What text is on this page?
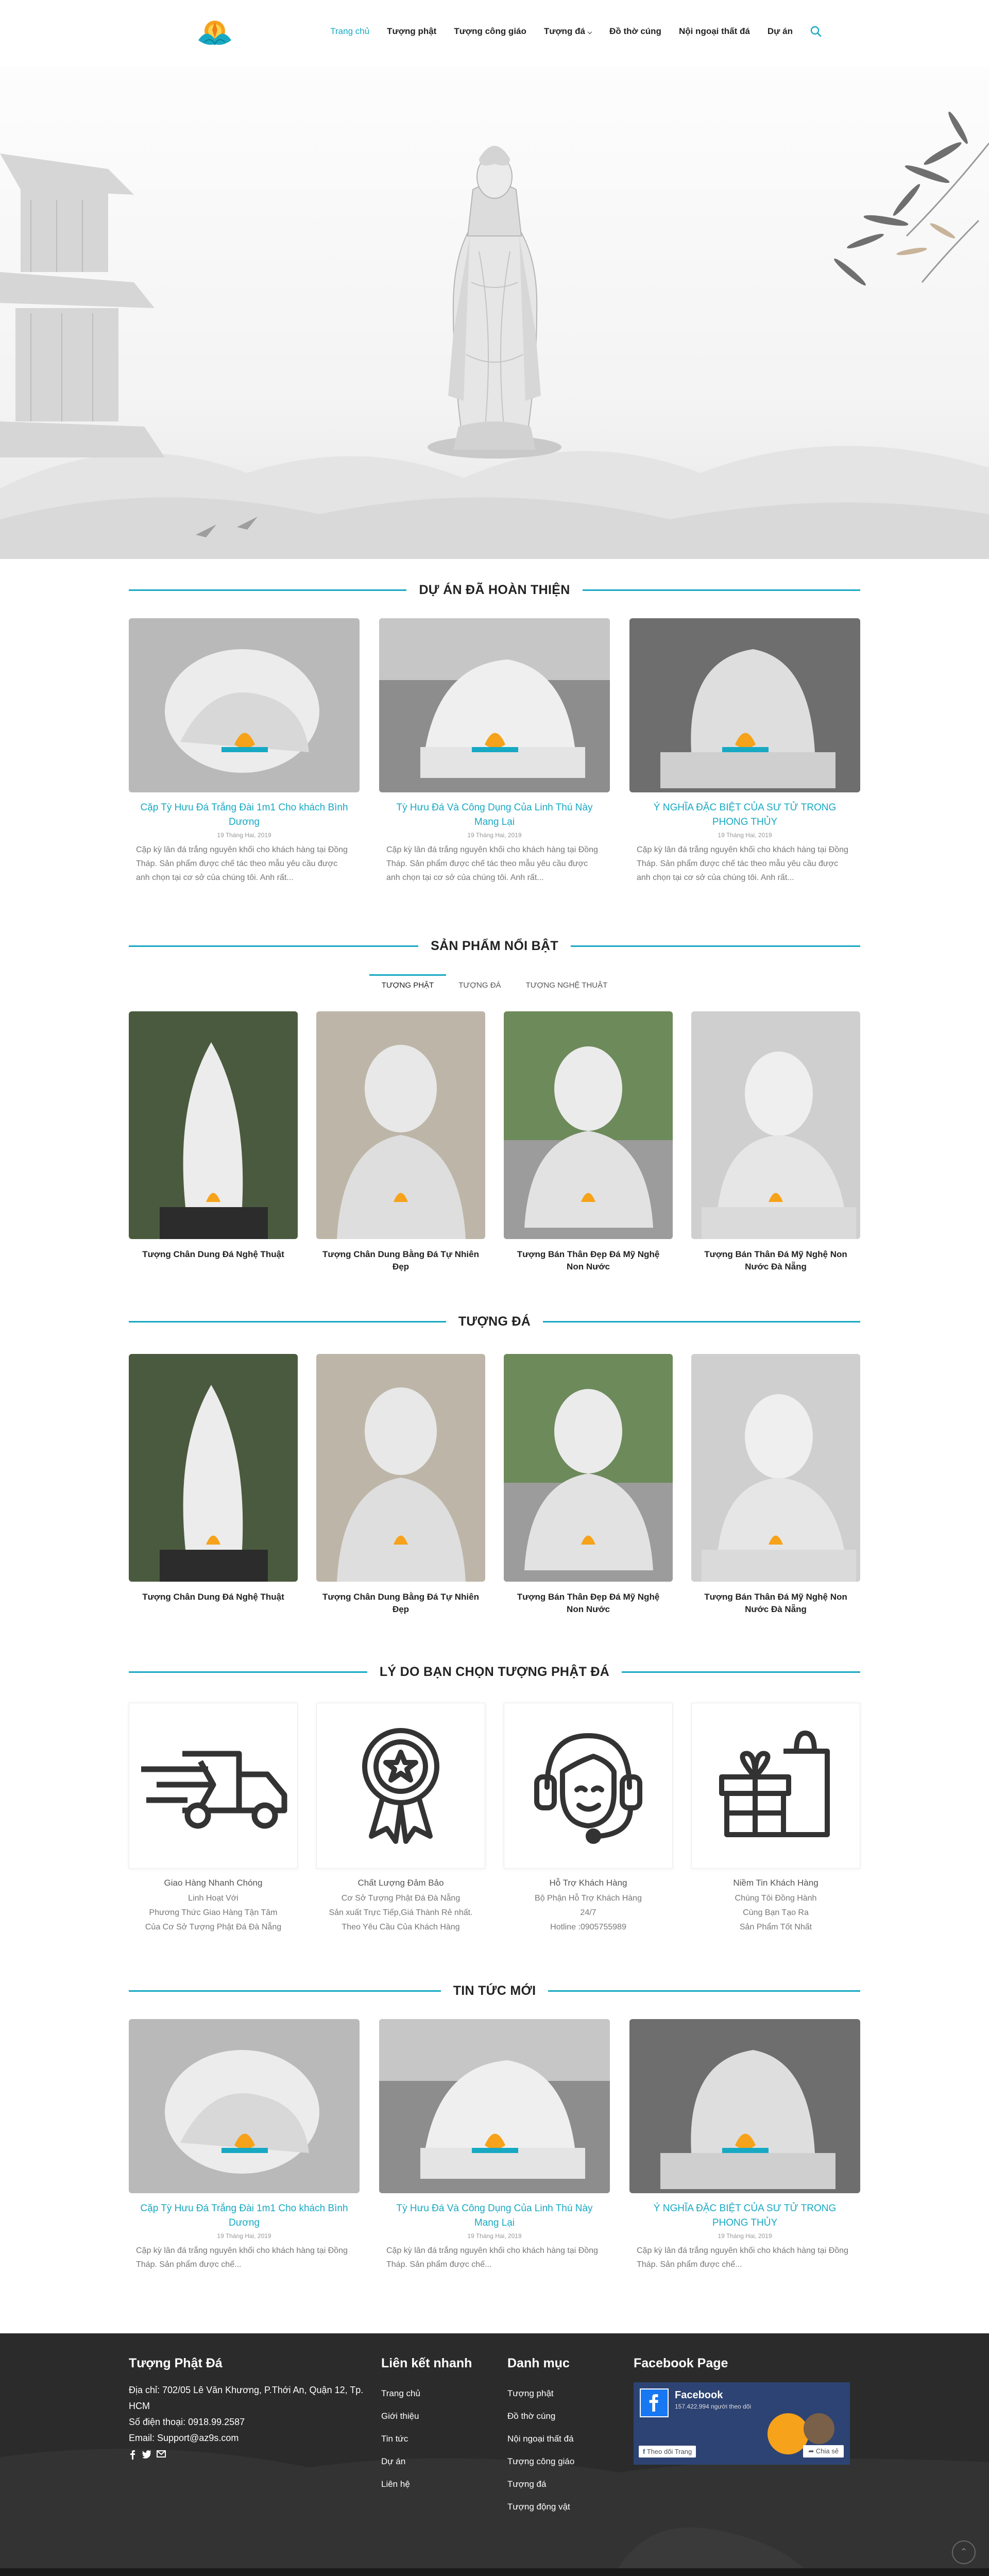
Trang chủ Tượng phật Tượng công giáo Tượng đá ⌵ Đồ thờ cúng Nội ngoại thất đá Dự án
DỰ ÁN ĐÃ HOÀN THIỆN
Cặp Tỳ Hưu Đá Trắng Đài 1m1 Cho khách Bình Dương
19 Tháng Hai, 2019

Cặp kỳ lân đá trắng nguyên khối cho khách hàng tại Đồng Tháp. Sản phẩm được chế tác theo mẫu yêu cầu được anh chọn tại cơ sở của chúng tôi. Anh rất...

Tỳ Hưu Đá Và Công Dụng Của Linh Thú Này Mang Lại
19 Tháng Hai, 2019

Cặp kỳ lân đá trắng nguyên khối cho khách hàng tại Đồng Tháp. Sản phẩm được chế tác theo mẫu yêu cầu được anh chọn tại cơ sở của chúng tôi. Anh rất...

Ý NGHĨA ĐẶC BIỆT CỦA SƯ TỬ TRONG PHONG THỦY
19 Tháng Hai, 2019

Cặp kỳ lân đá trắng nguyên khối cho khách hàng tại Đồng Tháp. Sản phẩm được chế tác theo mẫu yêu cầu được anh chọn tại cơ sở của chúng tôi. Anh rất...

SẢN PHẨM NỔI BẬT
TƯỢNG PHẬT	TƯỢNG ĐÁ	TƯỢNG NGHỆ THUẬT
Tượng Chân Dung Đá Nghệ Thuật	Tượng Chân Dung Bằng Đá Tự Nhiên Đẹp
Tượng Bán Thân Đẹp Đá Mỹ Nghệ Non Nước
Tượng Bán Thân Đá Mỹ Nghệ Non Nước Đà Nẵng
TƯỢNG ĐÁ
Tượng Chân Dung Đá Nghệ Thuật	Tượng Chân Dung Bằng Đá Tự Nhiên Đẹp
Tượng Bán Thân Đẹp Đá Mỹ Nghệ Non Nước
Tượng Bán Thân Đá Mỹ Nghệ Non Nước Đà Nẵng
LÝ DO BẠN CHỌN TƯỢNG PHẬT ĐÁ
Giao Hàng Nhanh Chóng

Linh Hoạt Với
Phương Thức Giao Hàng Tận Tâm
Của Cơ Sở Tượng Phật Đá Đà Nẵng

Chất Lượng Đảm Bảo

Cơ Sở Tượng Phật Đá Đà Nẵng
Sản xuất Trực Tiếp,Giá Thành Rẻ nhất.
Theo Yêu Cầu Của Khách Hàng

Hỗ Trợ Khách Hàng

Bộ Phận Hỗ Trợ Khách Hàng
24/7
Hotline :0905755989

Niềm Tin Khách Hàng

Chúng Tôi Đồng Hành
Cùng Bạn Tạo Ra
Sản Phẩm Tốt Nhất

TIN TỨC MỚI
Cặp Tỳ Hưu Đá Trắng Đài 1m1 Cho khách Bình Dương
19 Tháng Hai, 2019

Cặp kỳ lân đá trắng nguyên khối cho khách hàng tại Đồng Tháp. Sản phẩm được chế...

Tỳ Hưu Đá Và Công Dụng Của Linh Thú Này Mang Lại
19 Tháng Hai, 2019

Cặp kỳ lân đá trắng nguyên khối cho khách hàng tại Đồng Tháp. Sản phẩm được chế...

Ý NGHĨA ĐẶC BIỆT CỦA SƯ TỬ TRONG PHONG THỦY
19 Tháng Hai, 2019

Cặp kỳ lân đá trắng nguyên khối cho khách hàng tại Đồng Tháp. Sản phẩm được chế...

Tượng Phật Đá
Địa chỉ: 702/05 Lê Văn Khương, P.Thới An, Quận 12, Tp. HCM
Số điện thoại: 0918.99.2587
Email: Support@az9s.com
Liên kết nhanh
Trang chủ
Giới thiệu
Tin tức
Dự án
Liên hệ
Danh mục
Tượng phật
Đồ thờ cúng
Nội ngoại thất đá
Tượng công giáo
Tượng đá
Tượng động vật
Facebook Page
Facebook
157.422.994 người theo dõi
f Theo dõi Trang	➦ Chia sẻ
⌃
